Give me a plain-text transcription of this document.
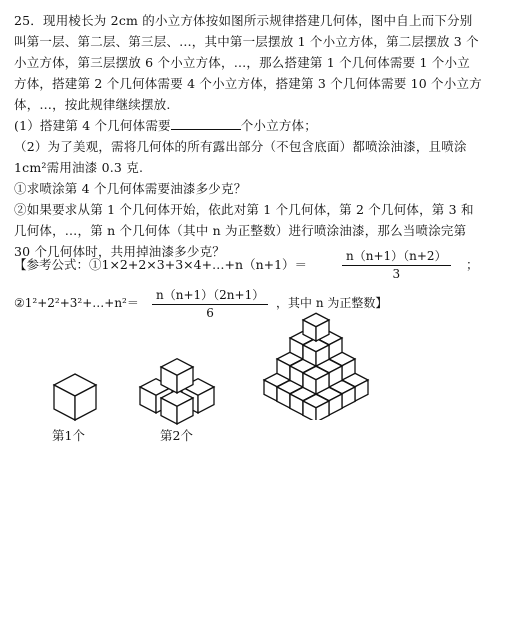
25．现用棱长为 2cm 的小立方体按如图所示规律搭建几何体，图中自上而下分别

叫第一层、第二层、第三层、…，其中第一层摆放 1 个小立方体，第二层摆放 3 个

小立方体，第三层摆放 6 个小立方体，…，那么搭建第 1 个几何体需要 1 个小立

方体，搭建第 2 个几何体需要 4 个小立方体，搭建第 3 个几何体需要 10 个小立方

体，…，按此规律继续摆放.

(1）搭建第 4 个几何体需要	个小立方体；

（2）为了美观，需将几何体的所有露出部分（不包含底面）都喷涂油漆，且喷涂

1cm²需用油漆 0.3 克.

①求喷涂第 4 个几何体需要油漆多少克？

②如果要求从第 1 个几何体开始，依此对第 1 个几何体，第 2 个几何体，第 3 和

几何体，…，第 n 个几何体（其中 n 为正整数）进行喷涂油漆，那么当喷涂完第

30 个几何体时，共用掉油漆多少克？

【参考公式：①1×2+2×3+3×4+…+n（n+1）＝	$\frac{n(n+1)(n+2)}{3}$ ；
②1²+2²+3²+…+n²＝ $\frac{n(n+1)(2n+1)}{6}$ ，其中 n 为正整数】
第1个	第2个
